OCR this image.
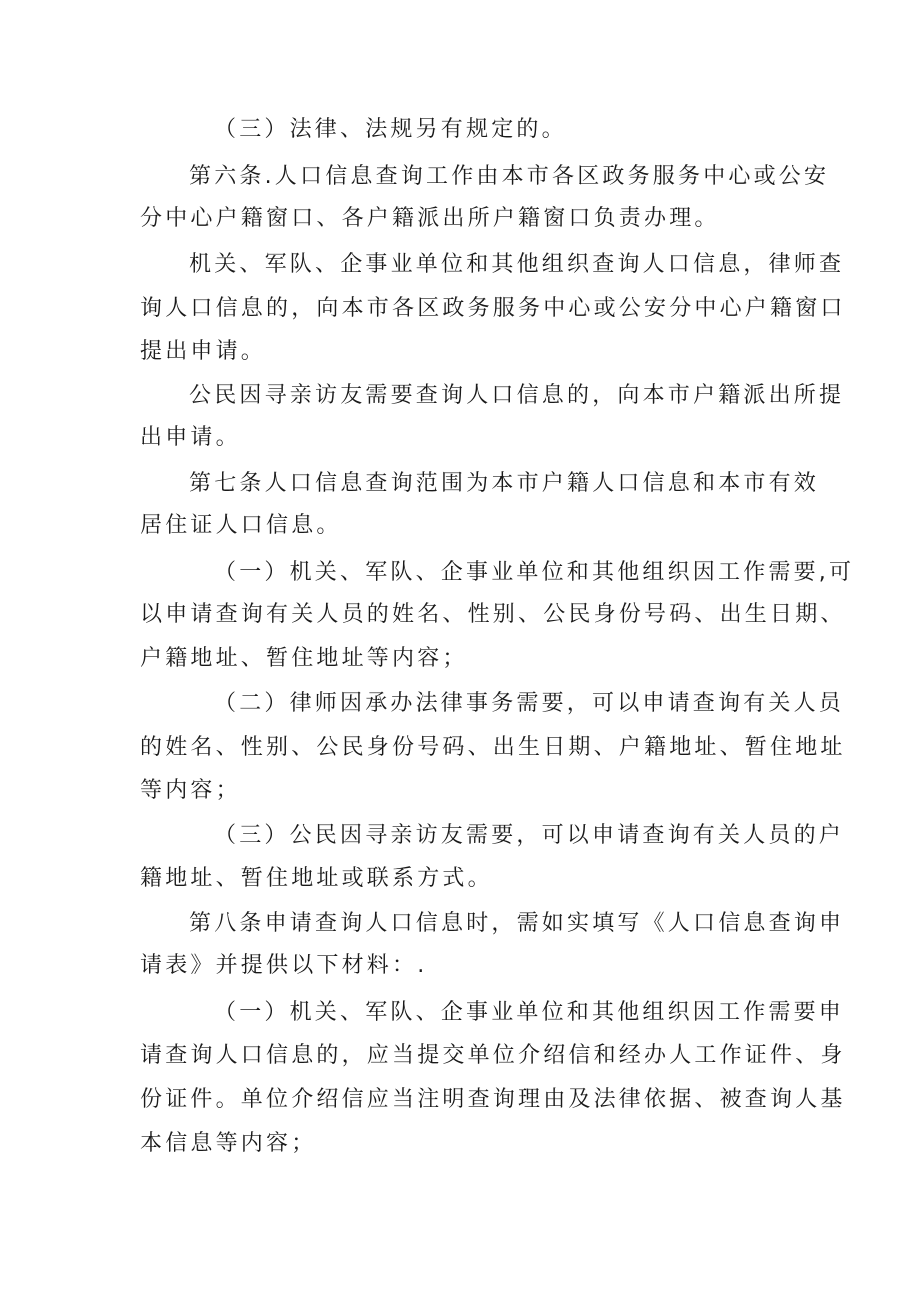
（三）法律、法规另有规定的。

第六条.人口信息查询工作由本市各区政务服务中心或公安

分中心户籍窗口、各户籍派出所户籍窗口负责办理。

机关、军队、企事业单位和其他组织查询人口信息，律师查

询人口信息的，向本市各区政务服务中心或公安分中心户籍窗口

提出申请。

公民因寻亲访友需要查询人口信息的，向本市户籍派出所提

出申请。

第七条人口信息查询范围为本市户籍人口信息和本市有效

居住证人口信息。

（一）机关、军队、企事业单位和其他组织因工作需要,可

以申请查询有关人员的姓名、性别、公民身份号码、出生日期、

户籍地址、暂住地址等内容；

（二）律师因承办法律事务需要，可以申请查询有关人员

的姓名、性别、公民身份号码、出生日期、户籍地址、暂住地址

等内容；

（三）公民因寻亲访友需要，可以申请查询有关人员的户

籍地址、暂住地址或联系方式。

第八条申请查询人口信息时，需如实填写《人口信息查询申

请表》并提供以下材料：.

（一）机关、军队、企事业单位和其他组织因工作需要申

请查询人口信息的，应当提交单位介绍信和经办人工作证件、身

份证件。单位介绍信应当注明查询理由及法律依据、被查询人基

本信息等内容；
